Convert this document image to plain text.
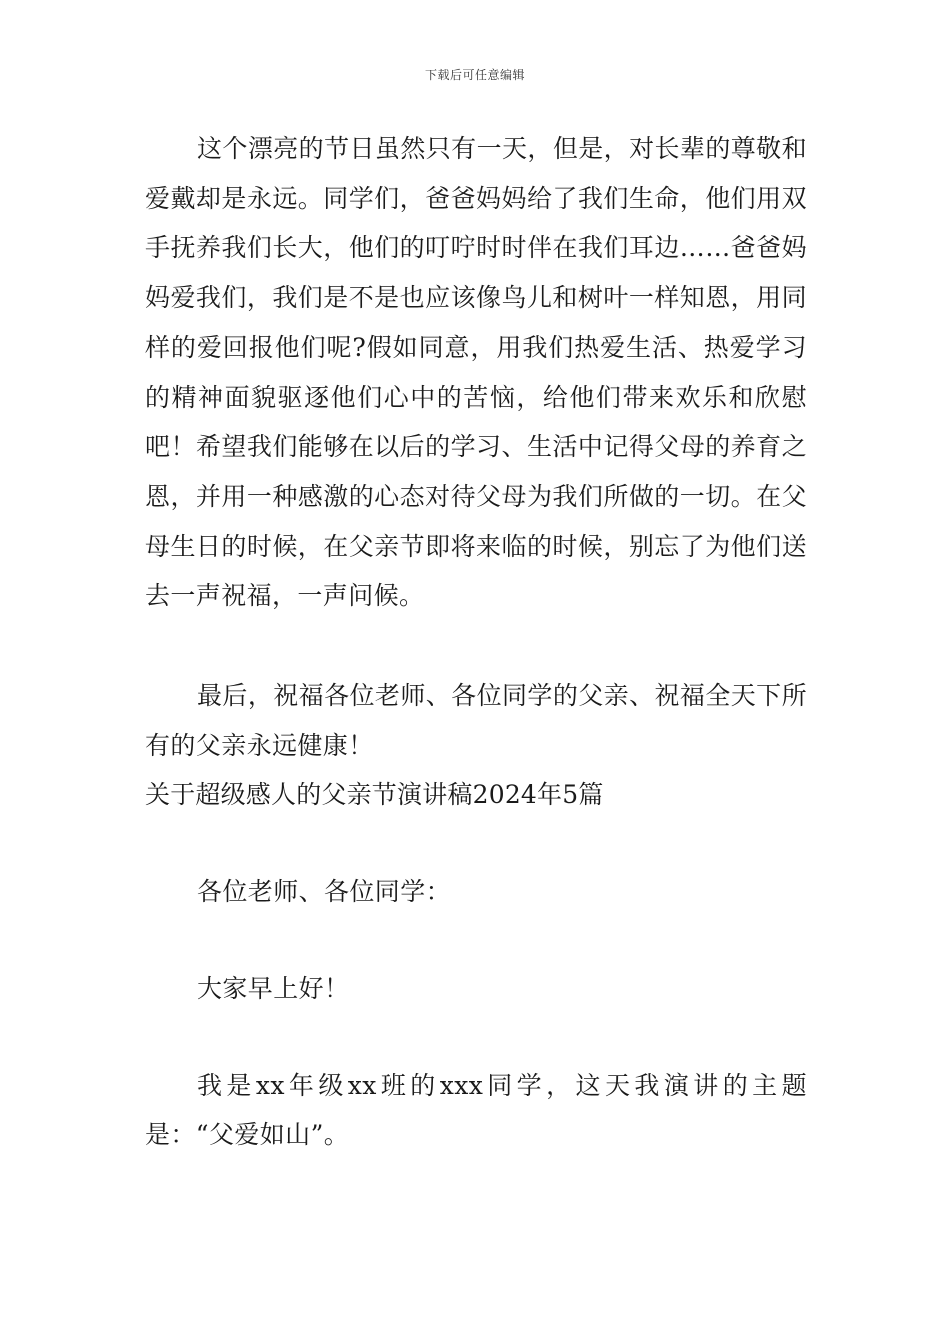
下载后可任意编辑

这个漂亮的节日虽然只有一天，但是，对长辈的尊敬和爱戴却是永远。同学们，爸爸妈妈给了我们生命，他们用双手抚养我们长大，他们的叮咛时时伴在我们耳边……爸爸妈妈爱我们，我们是不是也应该像鸟儿和树叶一样知恩，用同样的爱回报他们呢?假如同意，用我们热爱生活、热爱学习的精神面貌驱逐他们心中的苦恼，给他们带来欢乐和欣慰吧！希望我们能够在以后的学习、生活中记得父母的养育之恩，并用一种感激的心态对待父母为我们所做的一切。在父母生日的时候，在父亲节即将来临的时候，别忘了为他们送去一声祝福，一声问候。

最后，祝福各位老师、各位同学的父亲、祝福全天下所有的父亲永远健康！

关于超级感人的父亲节演讲稿2024年5篇

各位老师、各位同学：

大家早上好！

我是xx年级xx班的xxx同学，这天我演讲的主题是：“父爱如山”。
